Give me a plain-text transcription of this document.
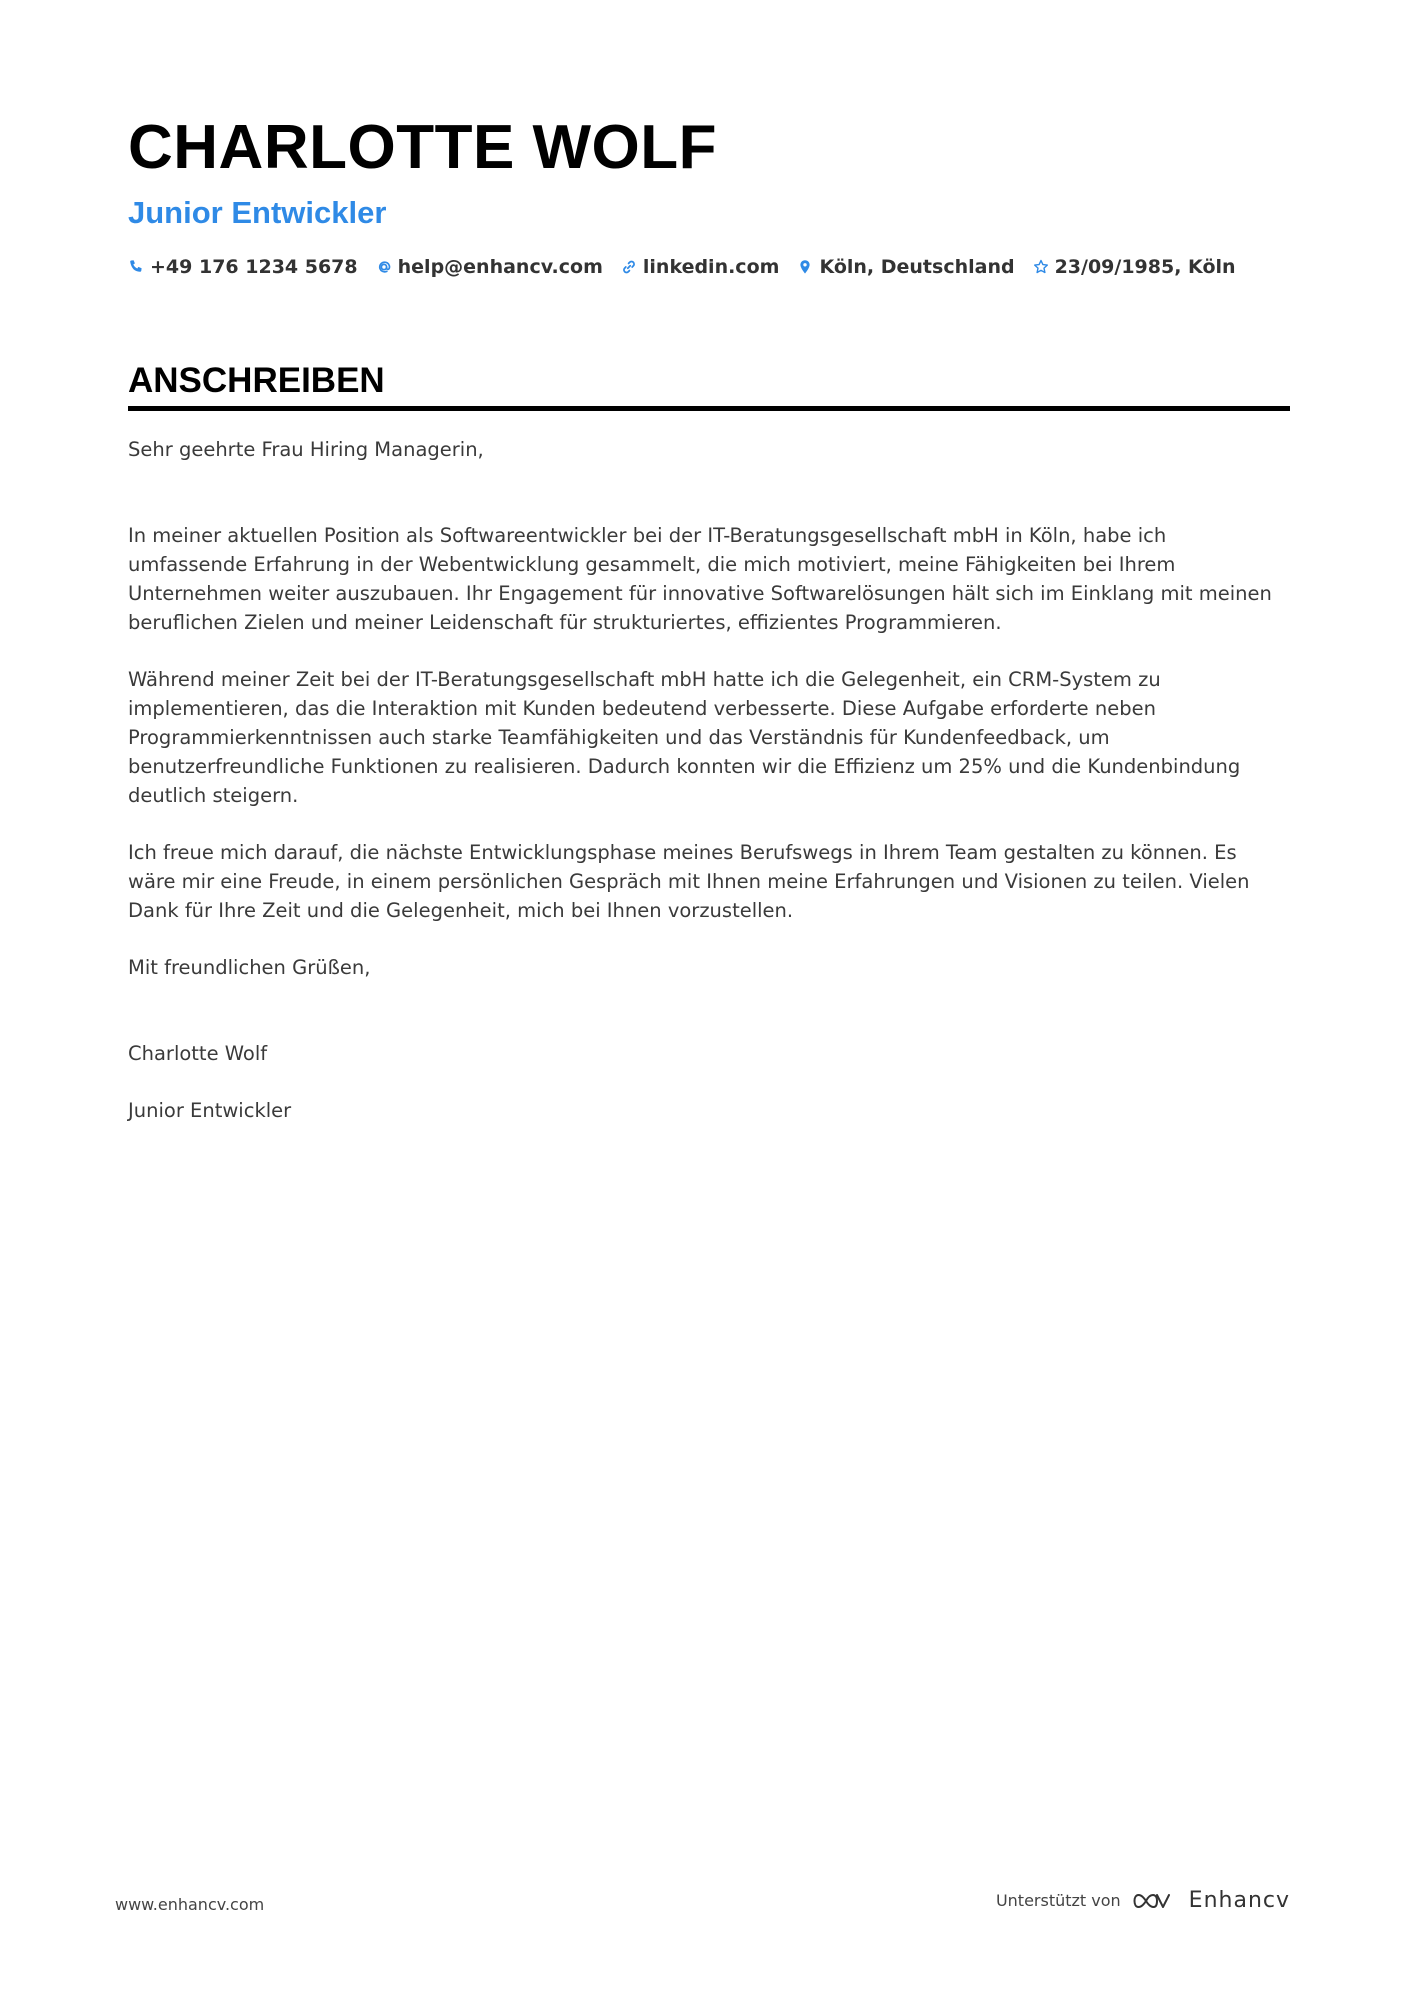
CHARLOTTE WOLF
Junior Entwickler
+49 176 1234 5678 help@enhancv.com linkedin.com Köln, Deutschland 23/09/1985, Köln
ANSCHREIBEN

Sehr geehrte Frau Hiring Managerin,

In meiner aktuellen Position als Softwareentwickler bei der IT-Beratungsgesellschaft mbH in Köln, habe ich umfassende Erfahrung in der Webentwicklung gesammelt, die mich motiviert, meine Fähigkeiten bei Ihrem Unternehmen weiter auszubauen. Ihr Engagement für innovative Softwarelösungen hält sich im Einklang mit meinen beruflichen Zielen und meiner Leidenschaft für strukturiertes, effizientes Programmieren.

Während meiner Zeit bei der IT-Beratungsgesellschaft mbH hatte ich die Gelegenheit, ein CRM-System zu implementieren, das die Interaktion mit Kunden bedeutend verbesserte. Diese Aufgabe erforderte neben Programmierkenntnissen auch starke Teamfähigkeiten und das Verständnis für Kundenfeedback, um benutzerfreundliche Funktionen zu realisieren. Dadurch konnten wir die Effizienz um 25% und die Kundenbindung deutlich steigern.

Ich freue mich darauf, die nächste Entwicklungsphase meines Berufswegs in Ihrem Team gestalten zu können. Es wäre mir eine Freude, in einem persönlichen Gespräch mit Ihnen meine Erfahrungen und Visionen zu teilen. Vielen Dank für Ihre Zeit und die Gelegenheit, mich bei Ihnen vorzustellen.

Mit freundlichen Grüßen,

Charlotte Wolf

Junior Entwickler

www.enhancv.com	Unterstützt von	Enhancv
